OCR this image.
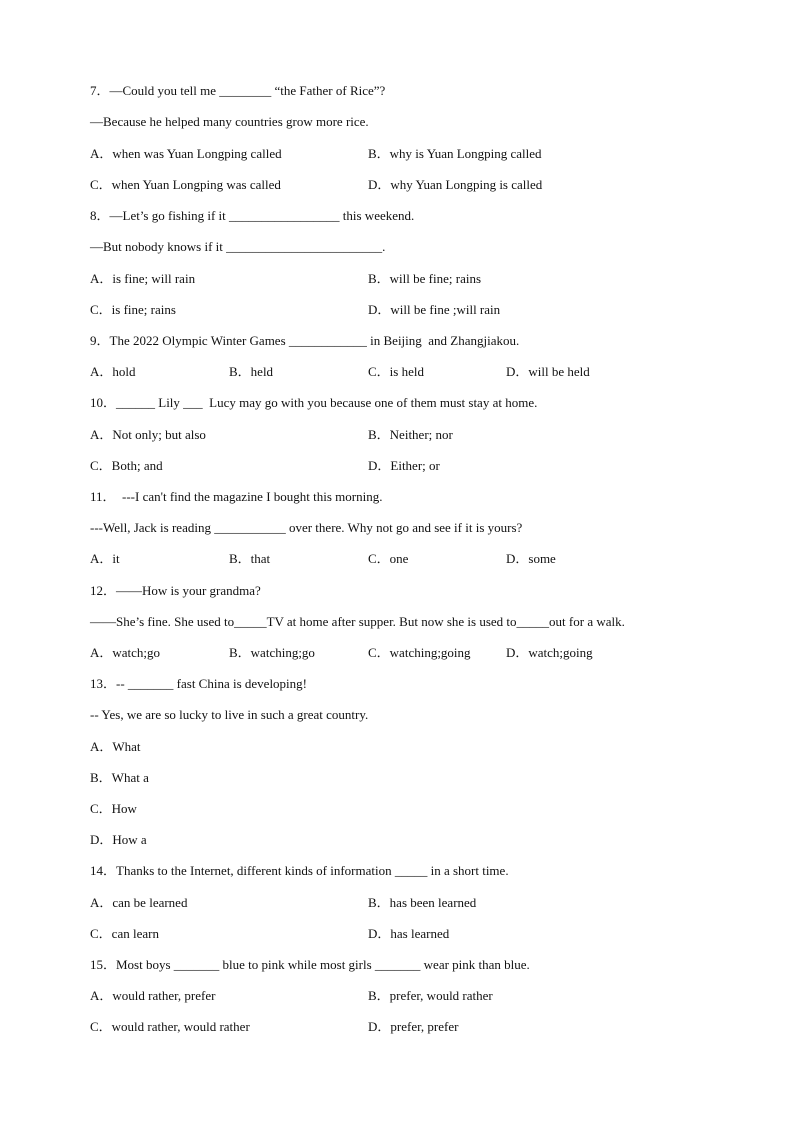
7．—Could you tell me ________ “the Father of Rice”?
—Because he helped many countries grow more rice.
A．when was Yuan Longping called	B．why is Yuan Longping called
C．when Yuan Longping was called	D．why Yuan Longping is called
8．—Let’s go fishing if it _________________ this weekend.
—But nobody knows if it ________________________.
A．is fine; will rain	B．will be fine; rains
C．is fine; rains	D．will be fine ;will rain
9．The 2022 Olympic Winter Games ____________ in Beijing  and Zhangjiakou.
A．hold	B．held	C．is held	D．will be held
10．______ Lily ___  Lucy may go with you because one of them must stay at home.
A．Not only; but also	B．Neither; nor
C．Both; and	D．Either; or
11．  ---I can't find the magazine I bought this morning.
---Well, Jack is reading ___________ over there. Why not go and see if it is yours?
A．it	B．that	C．one	D．some
12．——How is your grandma?
——She’s fine. She used to_____TV at home after supper. But now she is used to_____out for a walk.
A．watch;go	B．watching;go	C．watching;going	D．watch;going
13．-- _______ fast China is developing!
-- Yes, we are so lucky to live in such a great country.
A．What
B．What a
C．How
D．How a
14．Thanks to the Internet, different kinds of information _____ in a short time.
A．can be learned	B．has been learned
C．can learn	D．has learned
15．Most boys _______ blue to pink while most girls _______ wear pink than blue.
A．would rather, prefer	B．prefer, would rather
C．would rather, would rather	D．prefer, prefer
